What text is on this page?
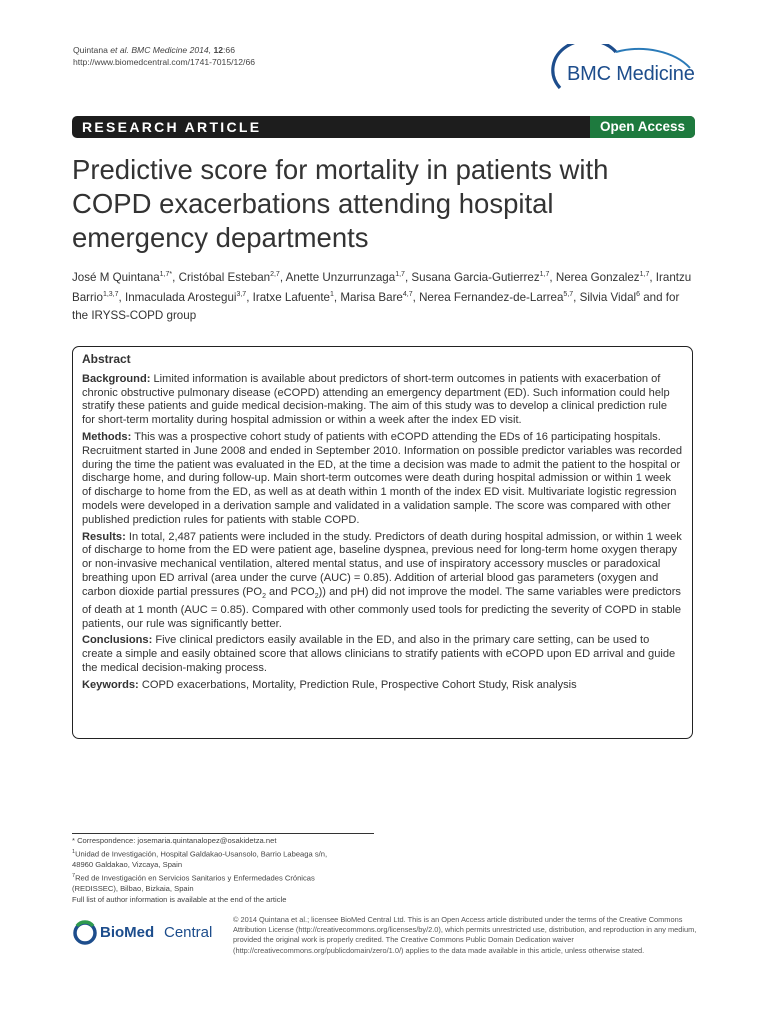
Quintana et al. BMC Medicine 2014, 12:66
http://www.biomedcentral.com/1741-7015/12/66
BMC Medicine
RESEARCH ARTICLE	Open Access
Predictive score for mortality in patients with COPD exacerbations attending hospital emergency departments
José M Quintana$^{1,7*}$, Cristóbal Esteban$^{2,7}$, Anette Unzurrunzaga$^{1,7}$, Susana Garcia-Gutierrez$^{1,7}$, Nerea Gonzalez$^{1,7}$, Irantzu Barrio$^{1,3,7}$, Inmaculada Arostegui$^{3,7}$, Iratxe Lafuente$^1$, Marisa Bare$^{4,7}$, Nerea Fernandez-de-Larrea$^{5,7}$, Silvia Vidal$^6$ and for the IRYSS-COPD group
Abstract

Background: Limited information is available about predictors of short-term outcomes in patients with exacerbation of chronic obstructive pulmonary disease (eCOPD) attending an emergency department (ED). Such information could help stratify these patients and guide medical decision-making. The aim of this study was to develop a clinical prediction rule for short-term mortality during hospital admission or within a week after the index ED visit.

Methods: This was a prospective cohort study of patients with eCOPD attending the EDs of 16 participating hospitals. Recruitment started in June 2008 and ended in September 2010. Information on possible predictor variables was recorded during the time the patient was evaluated in the ED, at the time a decision was made to admit the patient to the hospital or discharge home, and during follow-up. Main short-term outcomes were death during hospital admission or within 1 week of discharge to home from the ED, as well as at death within 1 month of the index ED visit. Multivariate logistic regression models were developed in a derivation sample and validated in a validation sample. The score was compared with other published prediction rules for patients with stable COPD.

Results: In total, 2,487 patients were included in the study. Predictors of death during hospital admission, or within 1 week of discharge to home from the ED were patient age, baseline dyspnea, previous need for long-term home oxygen therapy or non-invasive mechanical ventilation, altered mental status, and use of inspiratory accessory muscles or paradoxical breathing upon ED arrival (area under the curve (AUC) = 0.85). Addition of arterial blood gas parameters (oxygen and carbon dioxide partial pressures ($PO_2$ and $PCO_2$)) and pH) did not improve the model. The same variables were predictors of death at 1 month (AUC = 0.85). Compared with other commonly used tools for predicting the severity of COPD in stable patients, our rule was significantly better.

Conclusions: Five clinical predictors easily available in the ED, and also in the primary care setting, can be used to create a simple and easily obtained score that allows clinicians to stratify patients with eCOPD upon ED arrival and guide the medical decision-making process.

Keywords: COPD exacerbations, Mortality, Prediction Rule, Prospective Cohort Study, Risk analysis

* Correspondence: josemaria.quintanalopez@osakidetza.net
$^1$Unidad de Investigación, Hospital Galdakao-Usansolo, Barrio Labeaga s/n,
48960 Galdakao, Vizcaya, Spain
$^7$Red de Investigación en Servicios Sanitarios y Enfermedades Crónicas
(REDISSEC), Bilbao, Bizkaia, Spain
Full list of author information is available at the end of the article
BioMed Central
© 2014 Quintana et al.; licensee BioMed Central Ltd. This is an Open Access article distributed under the terms of the Creative Commons Attribution License (http://creativecommons.org/licenses/by/2.0), which permits unrestricted use, distribution, and reproduction in any medium, provided the original work is properly credited. The Creative Commons Public Domain Dedication waiver (http://creativecommons.org/publicdomain/zero/1.0/) applies to the data made available in this article, unless otherwise stated.
